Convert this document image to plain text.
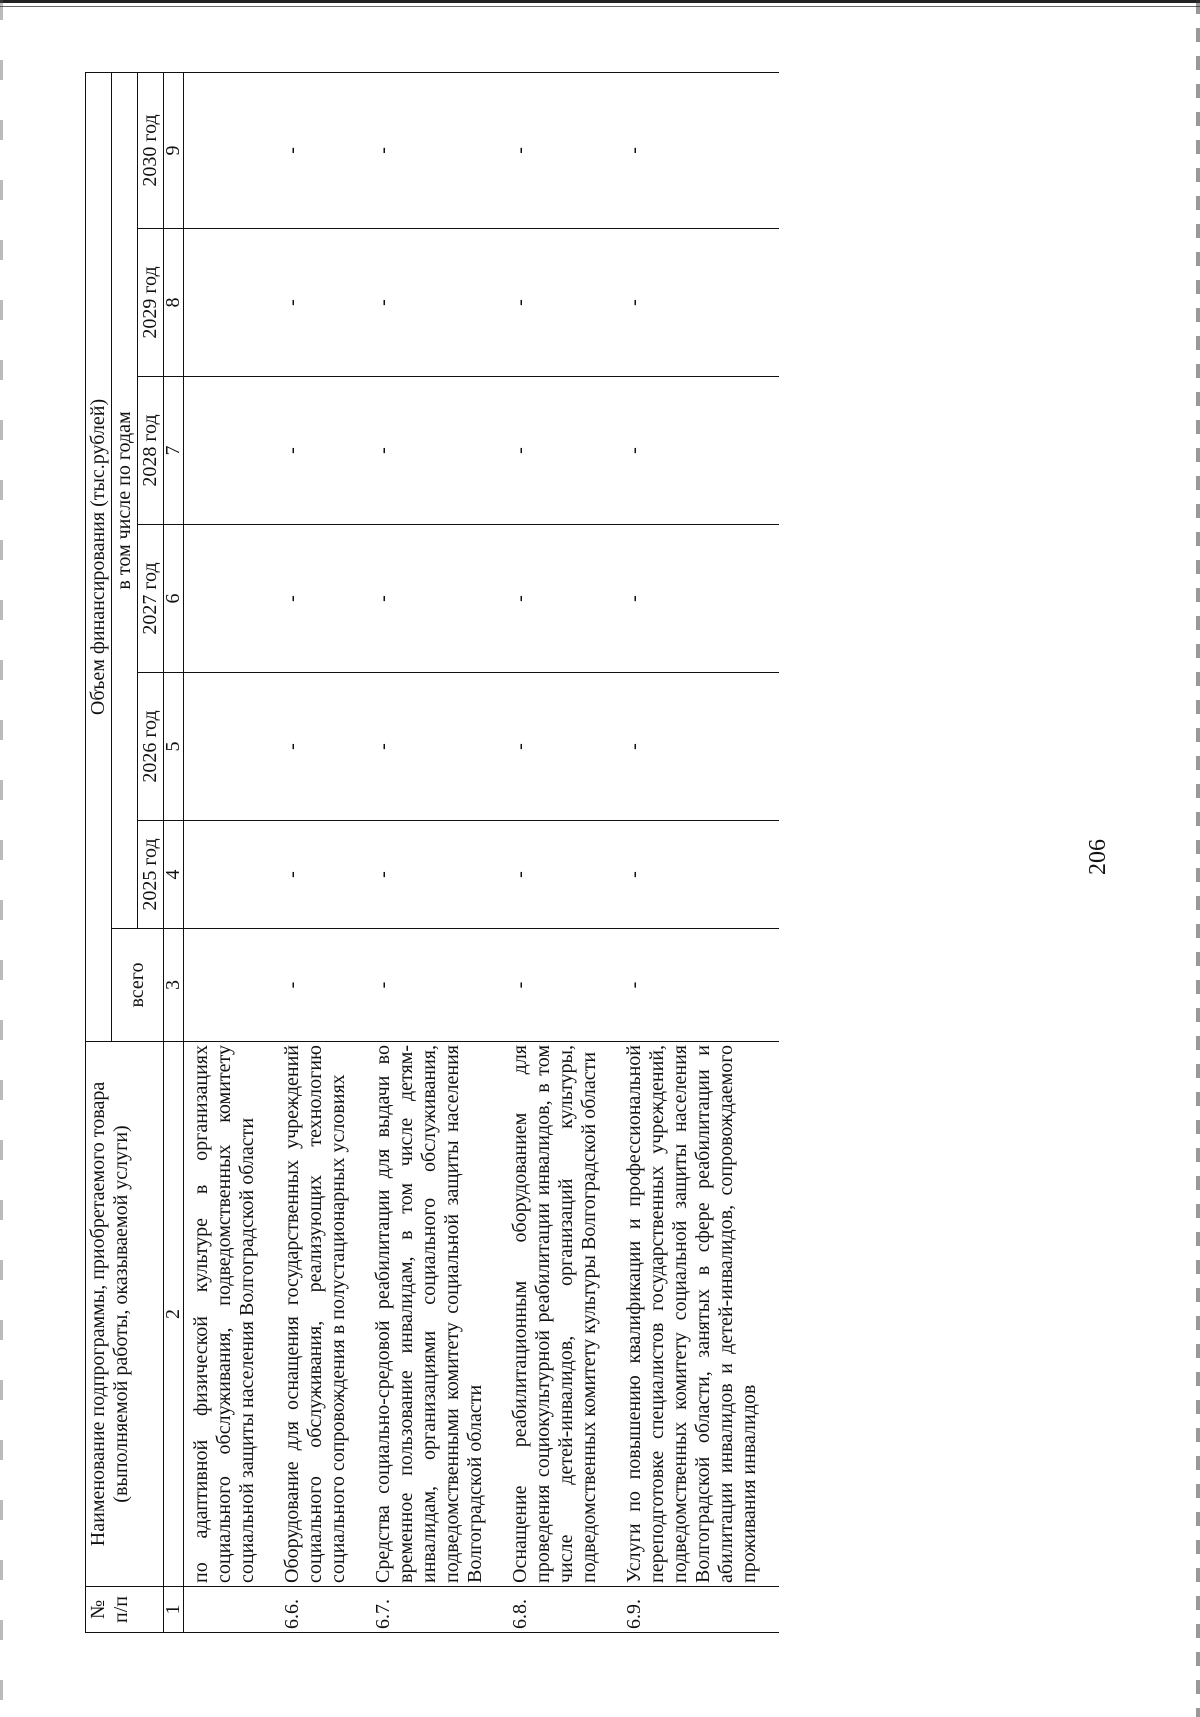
206
№ п/п	Наименование подпрограммы, приобретаемого товара (выполняемой работы, оказываемой услуги)	Объем финансирования (тыс.рублей)						
		всего	в том числе по годам					
			2025 год	2026 год	2027 год	2028 год	2029 год	2030 год
1	2	3	4	5	6	7	8	9
	по адаптивной физической культуре в организациях социального обслуживания, подведомственных комитету социальной защиты населения Волгоградской области							
6.6.	Оборудование для оснащения государственных учреждений социального обслуживания, реализующих технологию социального сопровождения в полустационарных условиях	-	-	-	-	-	-	-
6.7.	Средства социально-средовой реабилитации для выдачи во временное пользование инвалидам, в том числе детям-инвалидам, организациями социального обслуживания, подведомственными комитету социальной защиты населения Волгоградской области	-	-	-	-	-	-	-
6.8.	Оснащение реабилитационным оборудованием для проведения социокультурной реабилитации инвалидов, в том числе детей-инвалидов, организаций культуры, подведомственных комитету культуры Волгоградской области	-	-	-	-	-	-	-
6.9.	Услуги по повышению квалификации и профессиональной переподготовке специалистов государственных учреждений, подведомственных комитету социальной защиты населения Волгоградской области, занятых в сфере реабилитации и абилитации инвалидов и детей-инвалидов, сопровождаемого проживания инвалидов	-	-	-	-	-	-	-
